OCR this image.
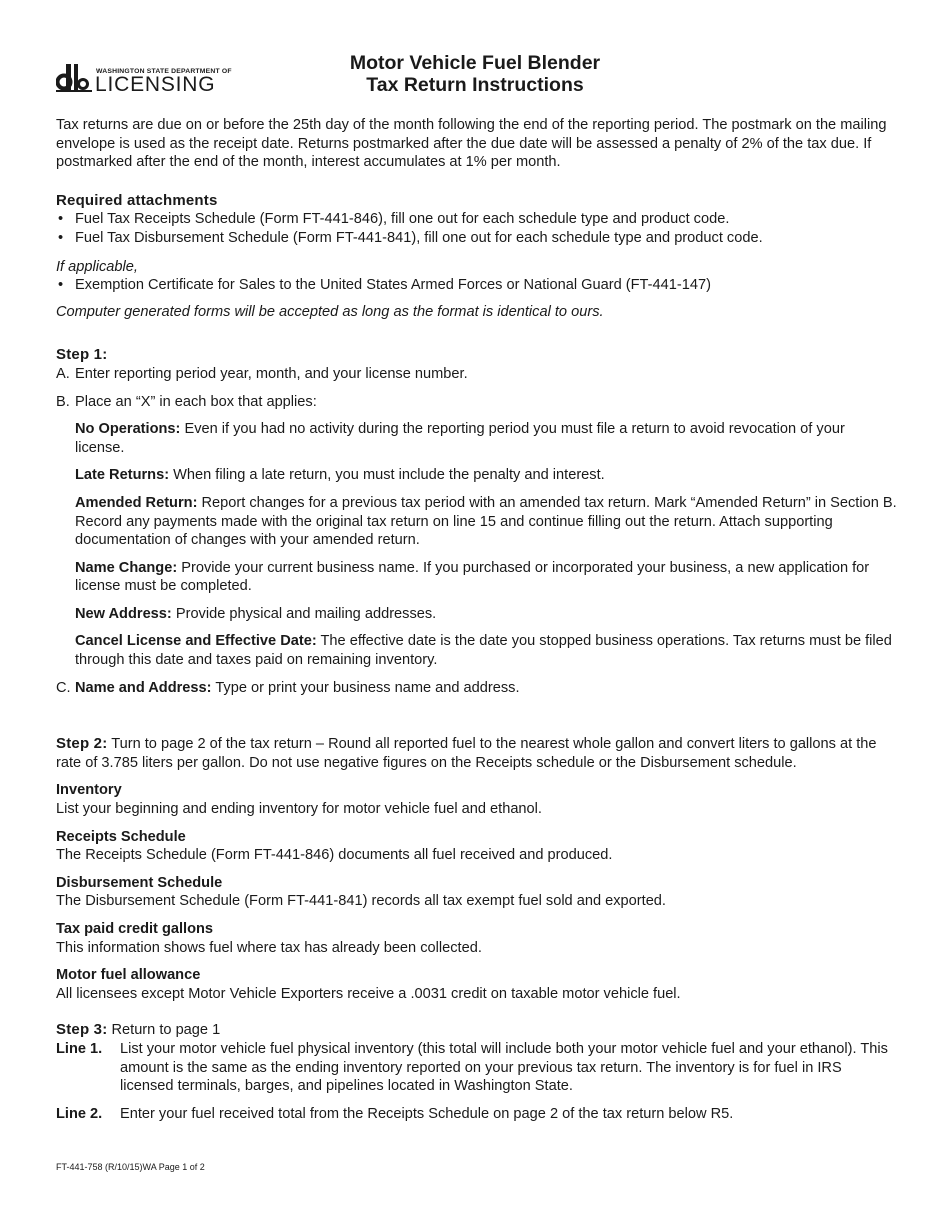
WASHINGTON STATE DEPARTMENT OF
LICENSING
Motor Vehicle Fuel Blender
Tax Return Instructions

Tax returns are due on or before the 25th day of the month following the end of the reporting period. The postmark on the mailing envelope is used as the receipt date. Returns postmarked after the due date will be assessed a penalty of 2% of the tax due. If postmarked after the end of the month, interest accumulates at 1% per month.

Required attachments

• Fuel Tax Receipts Schedule (Form FT-441-846), fill one out for each schedule type and product code.
• Fuel Tax Disbursement Schedule (Form FT-441-841), fill one out for each schedule type and product code.

If applicable,

• Exemption Certificate for Sales to the United States Armed Forces or National Guard (FT-441-147)

Computer generated forms will be accepted as long as the format is identical to ours.

Step 1:

A. Enter reporting period year, month, and your license number.
B. Place an “X” in each box that applies:
No Operations: Even if you had no activity during the reporting period you must file a return to avoid revocation of your license.
Late Returns: When filing a late return, you must include the penalty and interest.
Amended Return: Report changes for a previous tax period with an amended tax return. Mark “Amended Return” in Section B. Record any payments made with the original tax return on line 15 and continue filling out the return. Attach supporting documentation of changes with your amended return.
Name Change: Provide your current business name. If you purchased or incorporated your business, a new application for license must be completed.
New Address: Provide physical and mailing addresses.
Cancel License and Effective Date: The effective date is the date you stopped business operations. Tax returns must be filed through this date and taxes paid on remaining inventory.
C. Name and Address: Type or print your business name and address.

Step 2: Turn to page 2 of the tax return – Round all reported fuel to the nearest whole gallon and convert liters to gallons at the rate of 3.785 liters per gallon. Do not use negative figures on the Receipts schedule or the Disbursement schedule.

Inventory

List your beginning and ending inventory for motor vehicle fuel and ethanol.

Receipts Schedule

The Receipts Schedule (Form FT-441-846) documents all fuel received and produced.

Disbursement Schedule

The Disbursement Schedule (Form FT-441-841) records all tax exempt fuel sold and exported.

Tax paid credit gallons

This information shows fuel where tax has already been collected.

Motor fuel allowance

All licensees except Motor Vehicle Exporters receive a .0031 credit on taxable motor vehicle fuel.

Step 3: Return to page 1

Line 1. List your motor vehicle fuel physical inventory (this total will include both your motor vehicle fuel and your ethanol). This amount is the same as the ending inventory reported on your previous tax return. The inventory is for fuel in IRS licensed terminals, barges, and pipelines located in Washington State.
Line 2. Enter your fuel received total from the Receipts Schedule on page 2 of the tax return below R5.
FT-441-758 (R/10/15)WA Page 1 of 2
